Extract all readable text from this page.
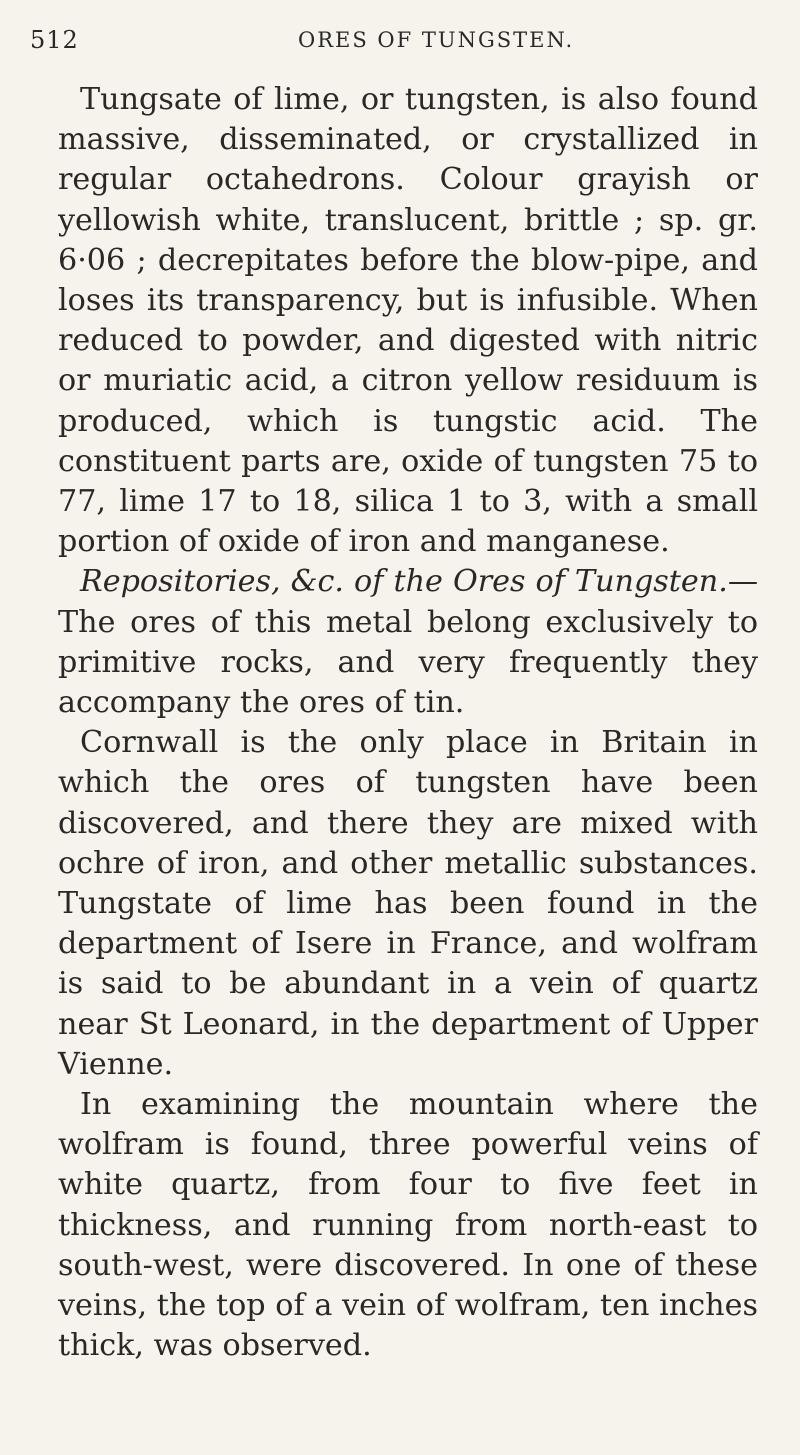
512	ORES OF TUNGSTEN.

Tungsate of lime, or tungsten, is also found massive, disseminated, or crystallized in regular octahedrons. Colour grayish or yellowish white, translucent, brittle ; sp. gr. 6·06 ; decrepitates before the blow-pipe, and loses its transparency, but is infusible. When reduced to powder, and digested with nitric or muriatic acid, a citron yellow residuum is produced, which is tungstic acid. The constituent parts are, oxide of tungsten 75 to 77, lime 17 to 18, silica 1 to 3, with a small portion of oxide of iron and manganese.

Repositories, &c. of the Ores of Tungsten.—The ores of this metal belong exclusively to primitive rocks, and very frequently they accompany the ores of tin.

Cornwall is the only place in Britain in which the ores of tungsten have been discovered, and there they are mixed with ochre of iron, and other metallic substances. Tungstate of lime has been found in the department of Isere in France, and wolfram is said to be abundant in a vein of quartz near St Leonard, in the department of Upper Vienne.

In examining the mountain where the wolfram is found, three powerful veins of white quartz, from four to five feet in thickness, and running from north-east to south-west, were discovered. In one of these veins, the top of a vein of wolfram, ten inches thick, was observed.
